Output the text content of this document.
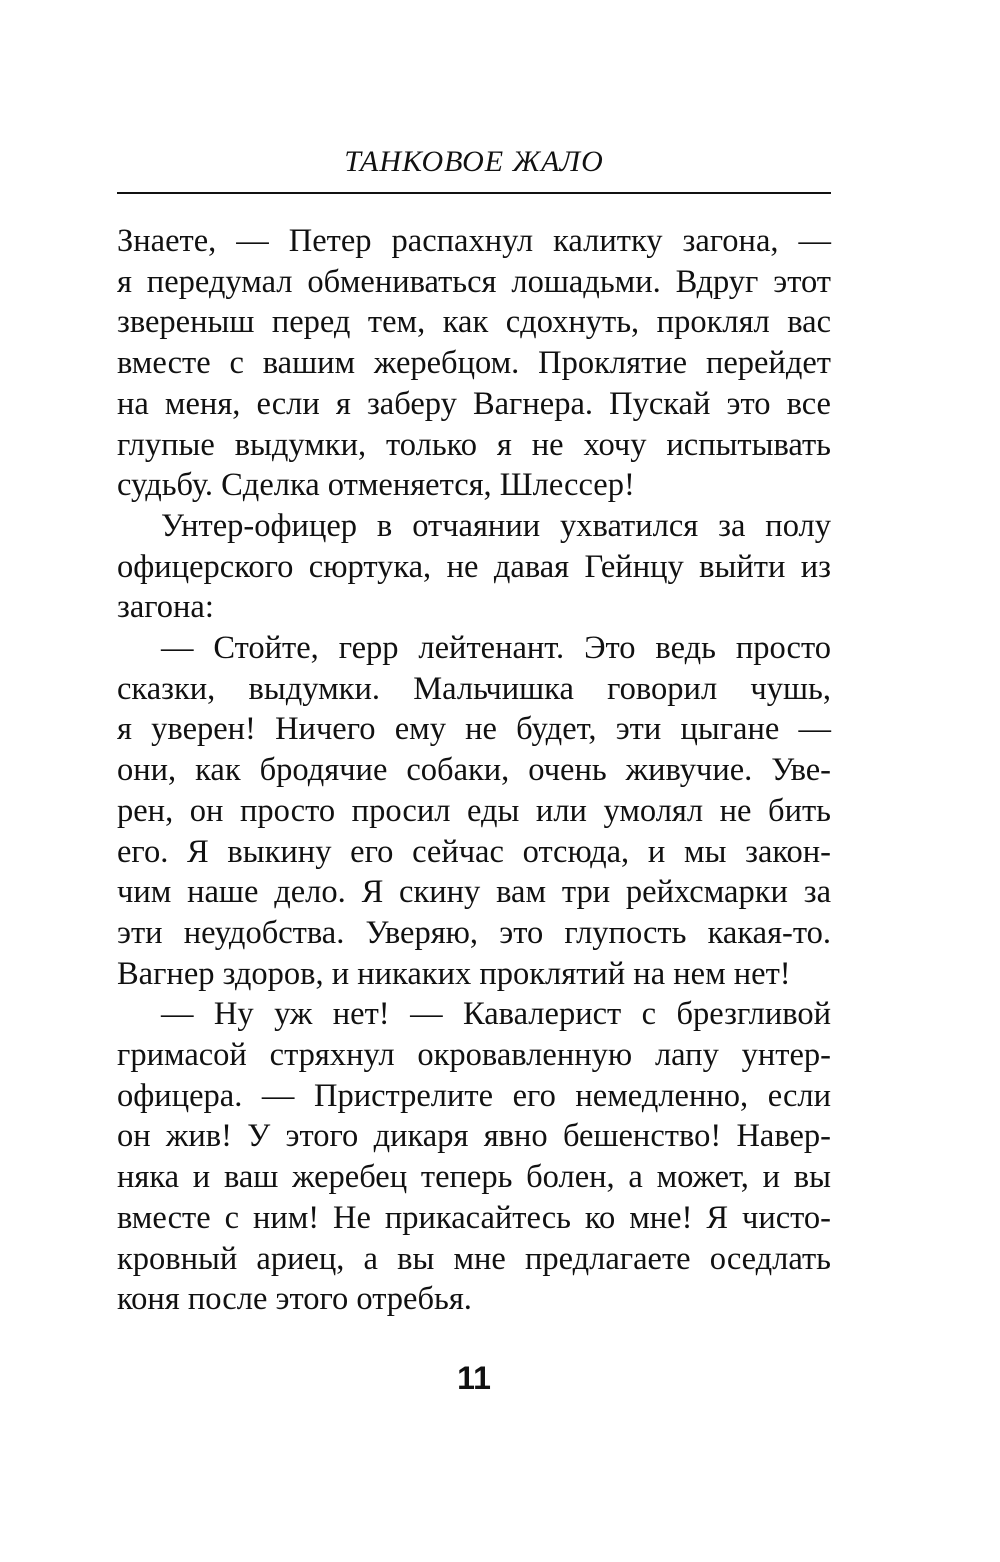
ТАНКОВОЕ ЖАЛО
Знаете, — Петер распахнул калитку загона, —
я передумал обмениваться лошадьми. Вдруг этот
звереныш перед тем, как сдохнуть, проклял вас
вместе с вашим жеребцом. Проклятие перейдет
на меня, если я заберу Вагнера. Пускай это все
глупые выдумки, только я не хочу испытывать
судьбу. Сделка отменяется, Шлессер!
Унтер-офицер в отчаянии ухватился за полу
офицерского сюртука, не давая Гейнцу выйти из
загона:
— Стойте, герр лейтенант. Это ведь просто
сказки, выдумки. Мальчишка говорил чушь,
я уверен! Ничего ему не будет, эти цыгане —
они, как бродячие собаки, очень живучие. Уве-
рен, он просто просил еды или умолял не бить
его. Я выкину его сейчас отсюда, и мы закон-
чим наше дело. Я скину вам три рейхсмарки за
эти неудобства. Уверяю, это глупость какая-то.
Вагнер здоров, и никаких проклятий на нем нет!
— Ну уж нет! — Кавалерист с брезгливой
гримасой стряхнул окровавленную лапу унтер-
офицера. — Пристрелите его немедленно, если
он жив! У этого дикаря явно бешенство! Навер-
няка и ваш жеребец теперь болен, а может, и вы
вместе с ним! Не прикасайтесь ко мне! Я чисто-
кровный ариец, а вы мне предлагаете оседлать
коня после этого отребья.
11
